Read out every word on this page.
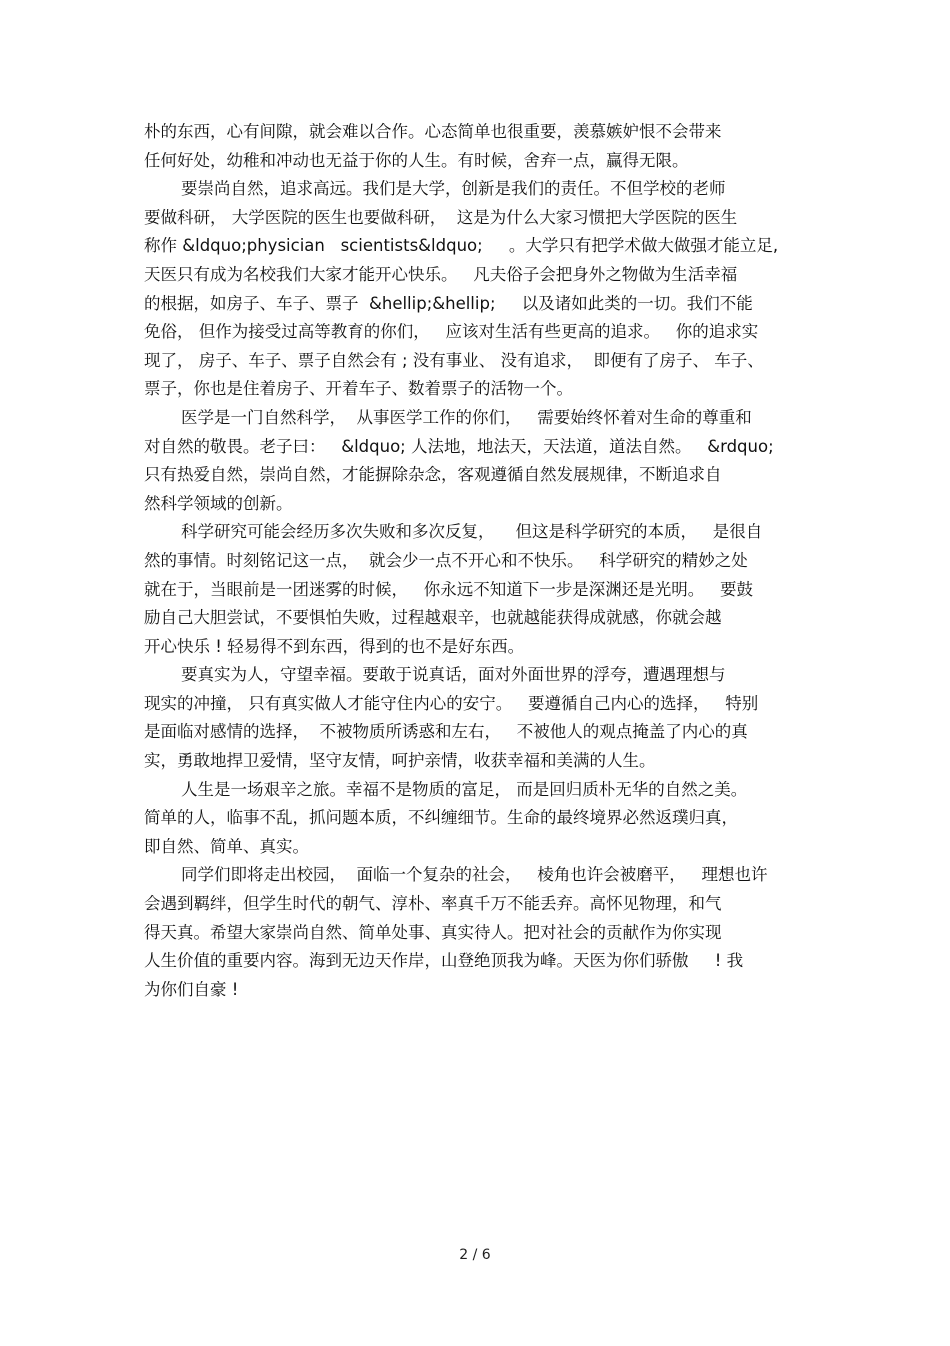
朴的东西，心有间隙，就会难以合作。心态简单也很重要，羡慕嫉妒恨不会带来
任何好处，幼稚和冲动也无益于你的人生。有时候，舍弃一点，赢得无限。
要崇尚自然，追求高远。我们是大学，创新是我们的责任。不但学校的老师
要做科研， 大学医院的医生也要做科研，  这是为什么大家习惯把大学医院的医生
称作 &ldquo;physician   scientists&ldquo;     。大学只有把学术做大做强才能立足,
天医只有成为名校我们大家才能开心快乐。   凡夫俗子会把身外之物做为生活幸福
的根据，如房子、车子、票子  &hellip;&hellip;     以及诸如此类的一切。我们不能
免俗， 但作为接受过高等教育的你们，   应该对生活有些更高的追求。   你的追求实
现了， 房子、车子、票子自然会有 ; 没有事业、 没有追求，  即便有了房子、 车子、
票子，你也是住着房子、开着车子、数着票子的活物一个。
医学是一门自然科学，  从事医学工作的你们，   需要始终怀着对生命的尊重和
对自然的敬畏。老子曰：   &ldquo; 人法地，地法天，天法道，道法自然。   &rdquo;
只有热爱自然，崇尚自然，才能摒除杂念，客观遵循自然发展规律，不断追求自
然科学领域的创新。
科学研究可能会经历多次失败和多次反复，    但这是科学研究的本质，   是很自
然的事情。时刻铭记这一点，  就会少一点不开心和不快乐。   科学研究的精妙之处
就在于，当眼前是一团迷雾的时候，   你永远不知道下一步是深渊还是光明。   要鼓
励自己大胆尝试，不要惧怕失败，过程越艰辛，也就越能获得成就感，你就会越
开心快乐 ! 轻易得不到东西，得到的也不是好东西。
要真实为人，守望幸福。要敢于说真话，面对外面世界的浮夸，遭遇理想与
现实的冲撞， 只有真实做人才能守住内心的安宁。   要遵循自己内心的选择，   特别
是面临对感情的选择，  不被物质所诱惑和左右，   不被他人的观点掩盖了内心的真
实，勇敢地捍卫爱情，坚守友情，呵护亲情，收获幸福和美满的人生。
人生是一场艰辛之旅。幸福不是物质的富足， 而是回归质朴无华的自然之美。
简单的人，临事不乱，抓问题本质，不纠缠细节。生命的最终境界必然返璞归真，
即自然、简单、真实。
同学们即将走出校园，  面临一个复杂的社会，   棱角也许会被磨平，   理想也许
会遇到羁绊，但学生时代的朝气、淳朴、率真千万不能丢弃。高怀见物理，和气
得天真。希望大家崇尚自然、简单处事、真实待人。把对社会的贡献作为你实现
人生价值的重要内容。海到无边天作岸，山登绝顶我为峰。天医为你们骄傲     ! 我
为你们自豪 !
2 / 6
